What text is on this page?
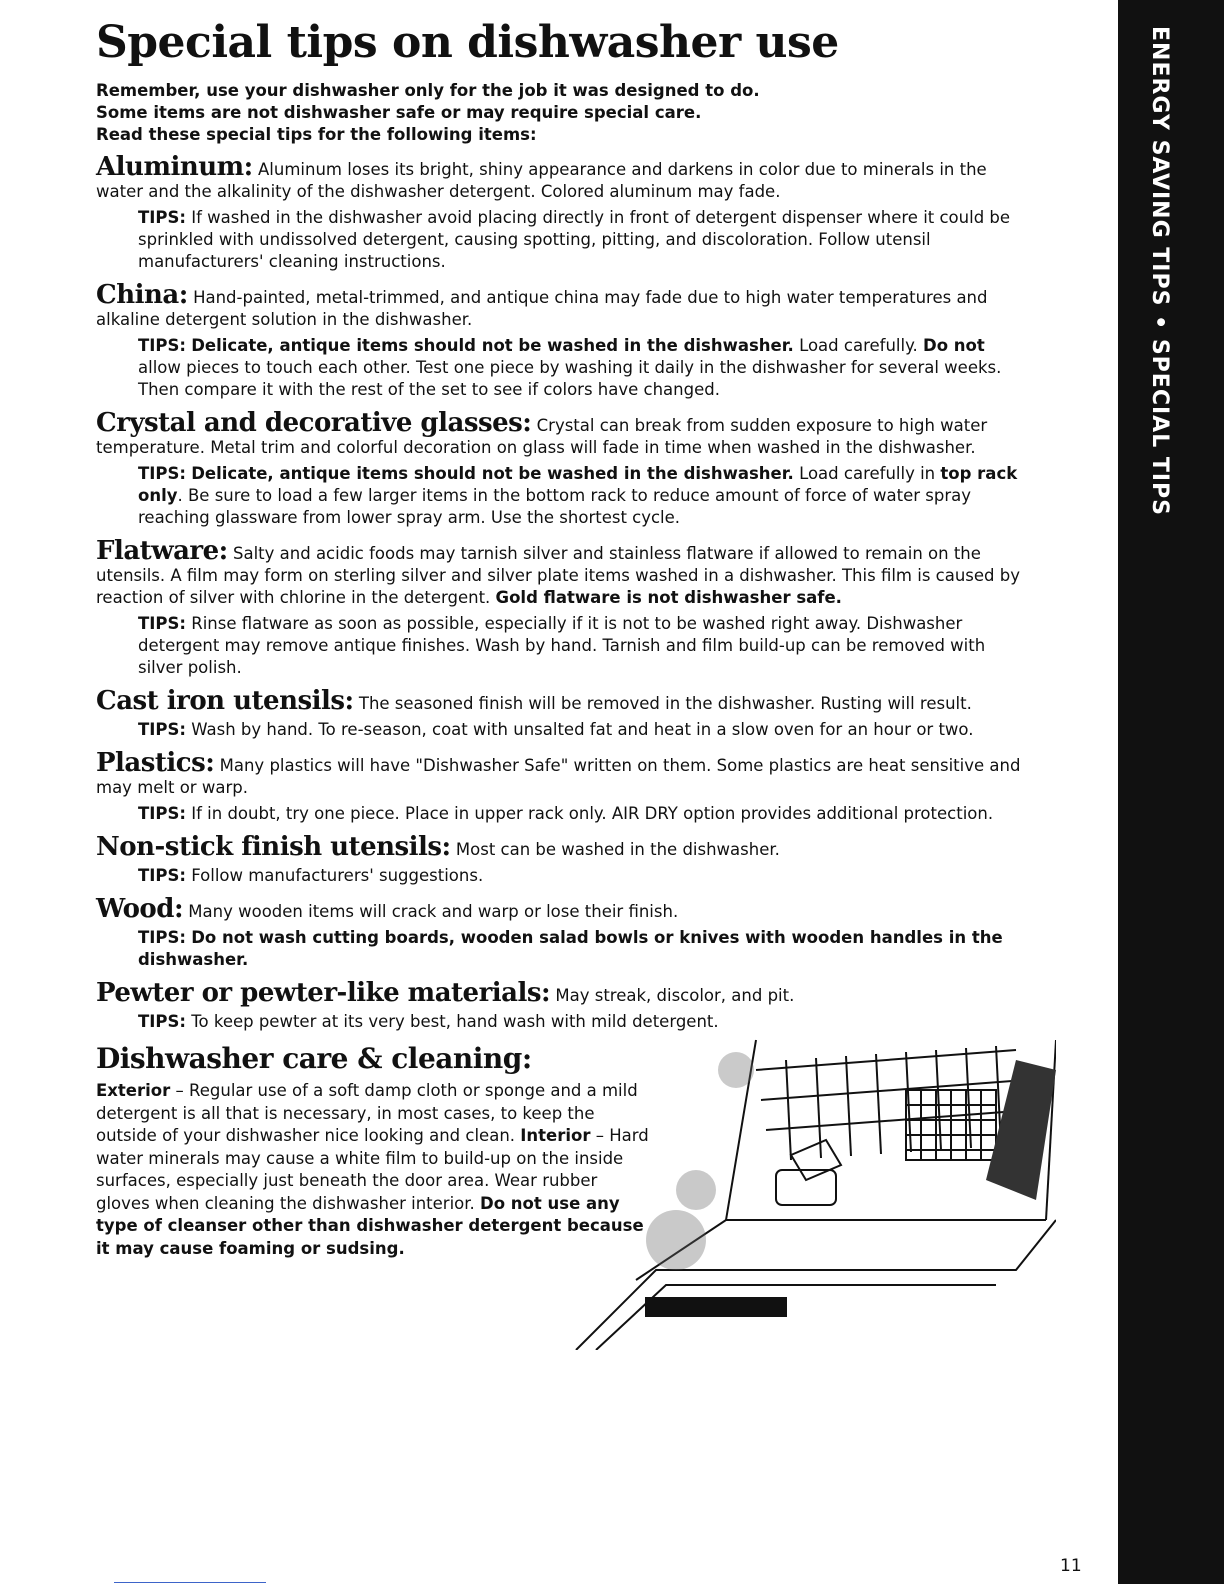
Special tips on dishwasher use
Remember, use your dishwasher only for the job it was designed to do.
Some items are not dishwasher safe or may require special care.
Read these special tips for the following items:

Aluminum: Aluminum loses its bright, shiny appearance and darkens in color due to minerals in the water and the alkalinity of the dishwasher detergent. Colored aluminum may fade.

TIPS: If washed in the dishwasher avoid placing directly in front of detergent dispenser where it could be sprinkled with undissolved detergent, causing spotting, pitting, and discoloration. Follow utensil manufacturers' cleaning instructions.

China: Hand-painted, metal-trimmed, and antique china may fade due to high water temperatures and alkaline detergent solution in the dishwasher.

TIPS: Delicate, antique items should not be washed in the dishwasher. Load carefully. Do not allow pieces to touch each other. Test one piece by washing it daily in the dishwasher for several weeks. Then compare it with the rest of the set to see if colors have changed.

Crystal and decorative glasses: Crystal can break from sudden exposure to high water temperature. Metal trim and colorful decoration on glass will fade in time when washed in the dishwasher.

TIPS: Delicate, antique items should not be washed in the dishwasher. Load carefully in top rack only. Be sure to load a few larger items in the bottom rack to reduce amount of force of water spray reaching glassware from lower spray arm. Use the shortest cycle.

Flatware: Salty and acidic foods may tarnish silver and stainless flatware if allowed to remain on the utensils. A film may form on sterling silver and silver plate items washed in a dishwasher. This film is caused by reaction of silver with chlorine in the detergent. Gold flatware is not dishwasher safe.

TIPS: Rinse flatware as soon as possible, especially if it is not to be washed right away. Dishwasher detergent may remove antique finishes. Wash by hand. Tarnish and film build-up can be removed with silver polish.

Cast iron utensils: The seasoned finish will be removed in the dishwasher. Rusting will result.

TIPS: Wash by hand. To re-season, coat with unsalted fat and heat in a slow oven for an hour or two.

Plastics: Many plastics will have "Dishwasher Safe" written on them. Some plastics are heat sensitive and may melt or warp.

TIPS: If in doubt, try one piece. Place in upper rack only. AIR DRY option provides additional protection.

Non-stick finish utensils: Most can be washed in the dishwasher.

TIPS: Follow manufacturers' suggestions.

Wood: Many wooden items will crack and warp or lose their finish.

TIPS: Do not wash cutting boards, wooden salad bowls or knives with wooden handles in the dishwasher.

Pewter or pewter-like materials: May streak, discolor, and pit.

TIPS: To keep pewter at its very best, hand wash with mild detergent.

Dishwasher care & cleaning:
Exterior – Regular use of a soft damp cloth or sponge and a mild detergent is all that is necessary, in most cases, to keep the outside of your dishwasher nice looking and clean. Interior – Hard water minerals may cause a white film to build-up on the inside surfaces, especially just beneath the door area. Wear rubber gloves when cleaning the dishwasher interior. Do not use any type of cleanser other than dishwasher detergent because it may cause foaming or sudsing.
ENERGY SAVING TIPS • SPECIAL TIPS
11
